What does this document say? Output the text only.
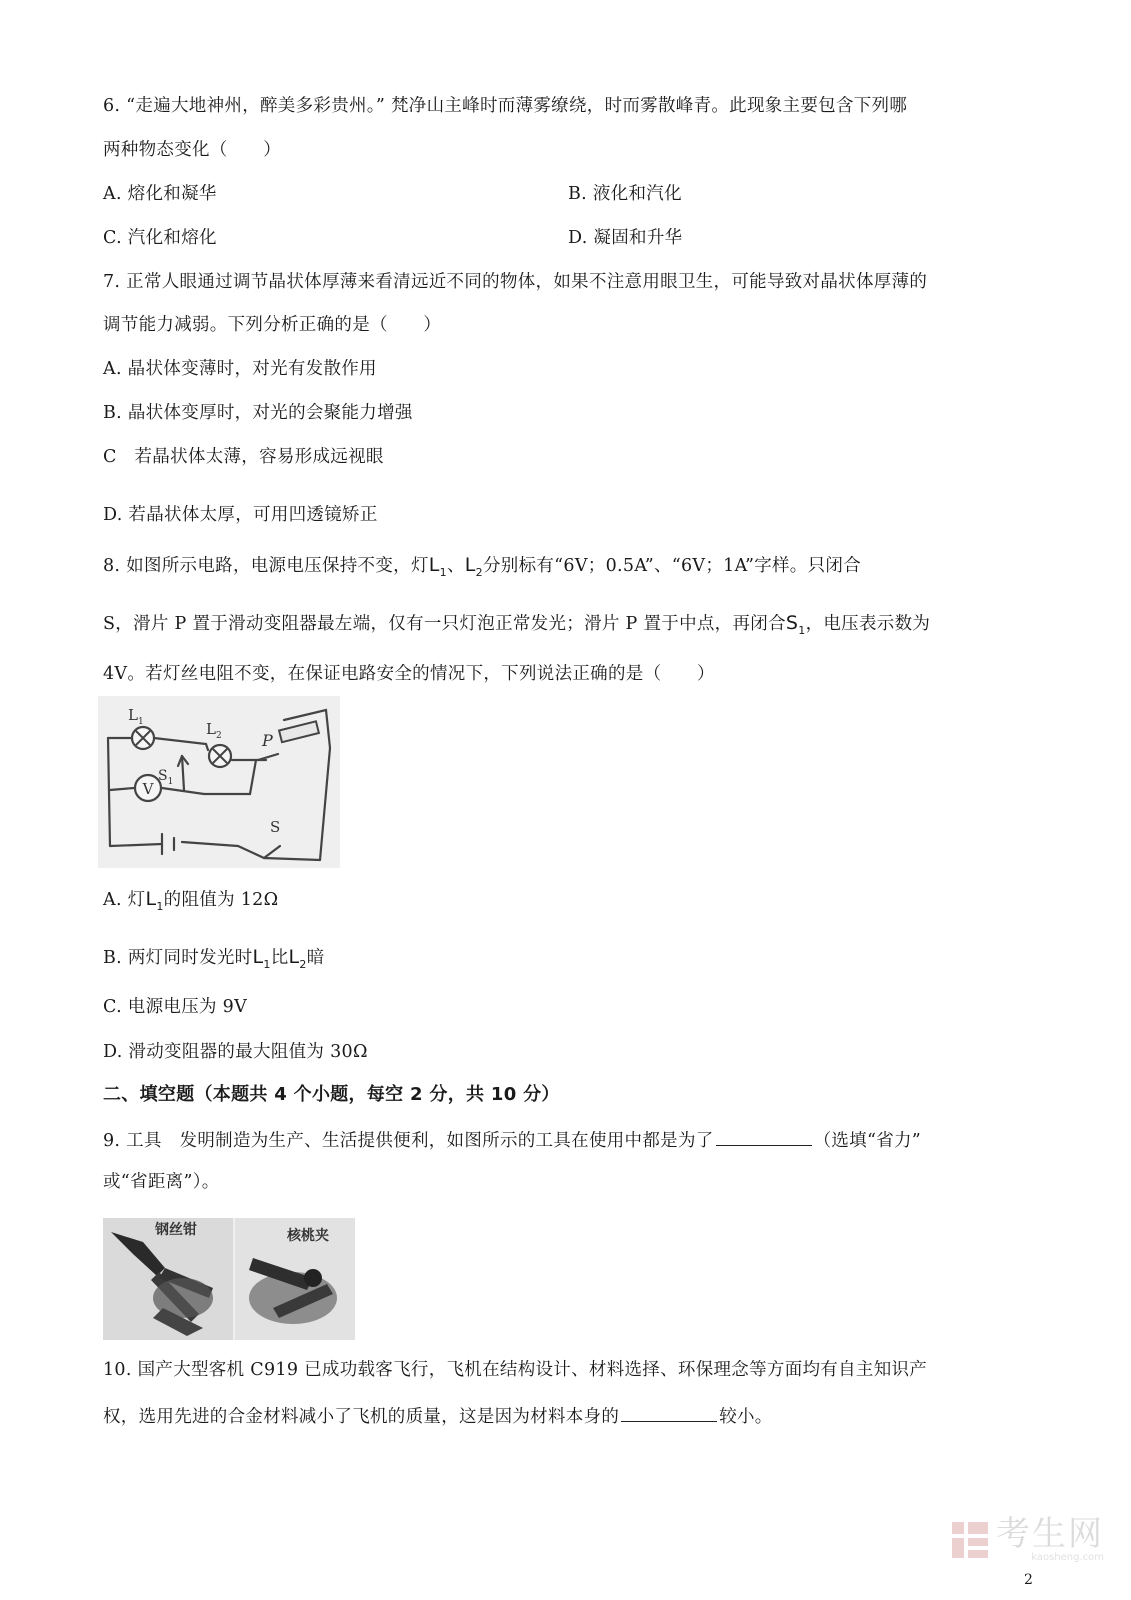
6. “走遍大地神州，醉美多彩贵州。” 梵净山主峰时而薄雾缭绕，时而雾散峰青。此现象主要包含下列哪
两种物态变化（　　）
A. 熔化和凝华	B. 液化和汽化
C. 汽化和熔化	D. 凝固和升华
7. 正常人眼通过调节晶状体厚薄来看清远近不同的物体，如果不注意用眼卫生，可能导致对晶状体厚薄的
调节能力减弱。下列分析正确的是（　　）
A. 晶状体变薄时，对光有发散作用
B. 晶状体变厚时，对光的会聚能力增强
C　若晶状体太薄，容易形成远视眼
D. 若晶状体太厚，可用凹透镜矫正
8. 如图所示电路，电源电压保持不变，灯$L_1$、$L_2$分别标有“6V；0.5A”、“6V；1A”字样。只闭合
S，滑片 P 置于滑动变阻器最左端，仅有一只灯泡正常发光；滑片 P 置于中点，再闭合$S_1$，电压表示数为
4V。若灯丝电阻不变，在保证电路安全的情况下，下列说法正确的是（　　）
V
$L_1$	$L_2$	P
$S_1$
S
A. 灯$L_1$的阻值为 12Ω
B. 两灯同时发光时$L_1$比$L_2$暗
C. 电源电压为 9V
D. 滑动变阻器的最大阻值为 30Ω
二、填空题（本题共 4 个小题，每空 2 分，共 10 分）
9. 工具　发明制造为生产、生活提供便利，如图所示的工具在使用中都是为了	（选填“省力”
或“省距离”）。
钢丝钳	核桃夹
10. 国产大型客机 C919 已成功载客飞行，飞机在结构设计、材料选择、环保理念等方面均有自主知识产
权，选用先进的合金材料减小了飞机的质量，这是因为材料本身的	较小。
考生网
kaosheng.com
2
